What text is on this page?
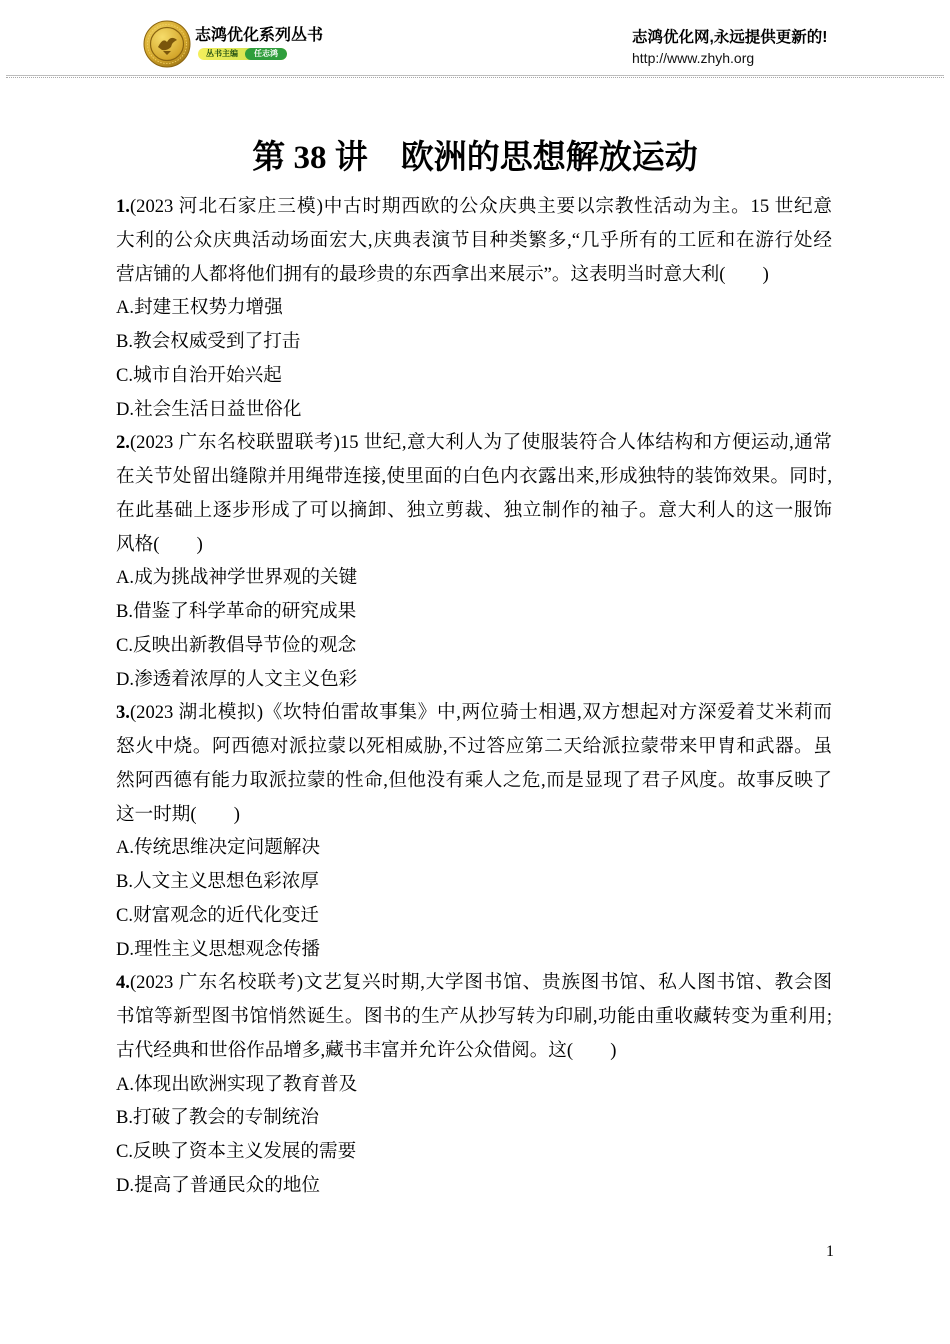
志鸿优化系列丛书
丛书主编	任志鸿
志鸿优化网,永远提供更新的!
http://www.zhyh.org
第 38 讲　欧洲的思想解放运动
1.(2023 河北石家庄三模)中古时期西欧的公众庆典主要以宗教性活动为主。15 世纪意
大利的公众庆典活动场面宏大,庆典表演节目种类繁多,“几乎所有的工匠和在游行处经
营店铺的人都将他们拥有的最珍贵的东西拿出来展示”。这表明当时意大利(　　)
A.封建王权势力增强
B.教会权威受到了打击
C.城市自治开始兴起
D.社会生活日益世俗化
2.(2023 广东名校联盟联考)15 世纪,意大利人为了使服装符合人体结构和方便运动,通常
在关节处留出缝隙并用绳带连接,使里面的白色内衣露出来,形成独特的装饰效果。同时,
在此基础上逐步形成了可以摘卸、独立剪裁、独立制作的袖子。意大利人的这一服饰
风格(　　)
A.成为挑战神学世界观的关键
B.借鉴了科学革命的研究成果
C.反映出新教倡导节俭的观念
D.渗透着浓厚的人文主义色彩
3.(2023 湖北模拟)《坎特伯雷故事集》中,两位骑士相遇,双方想起对方深爱着艾米莉而
怒火中烧。阿西德对派拉蒙以死相威胁,不过答应第二天给派拉蒙带来甲胄和武器。虽
然阿西德有能力取派拉蒙的性命,但他没有乘人之危,而是显现了君子风度。故事反映了
这一时期(　　)
A.传统思维决定问题解决
B.人文主义思想色彩浓厚
C.财富观念的近代化变迁
D.理性主义思想观念传播
4.(2023 广东名校联考)文艺复兴时期,大学图书馆、贵族图书馆、私人图书馆、教会图
书馆等新型图书馆悄然诞生。图书的生产从抄写转为印刷,功能由重收藏转变为重利用;
古代经典和世俗作品增多,藏书丰富并允许公众借阅。这(　　)
A.体现出欧洲实现了教育普及
B.打破了教会的专制统治
C.反映了资本主义发展的需要
D.提高了普通民众的地位
1
